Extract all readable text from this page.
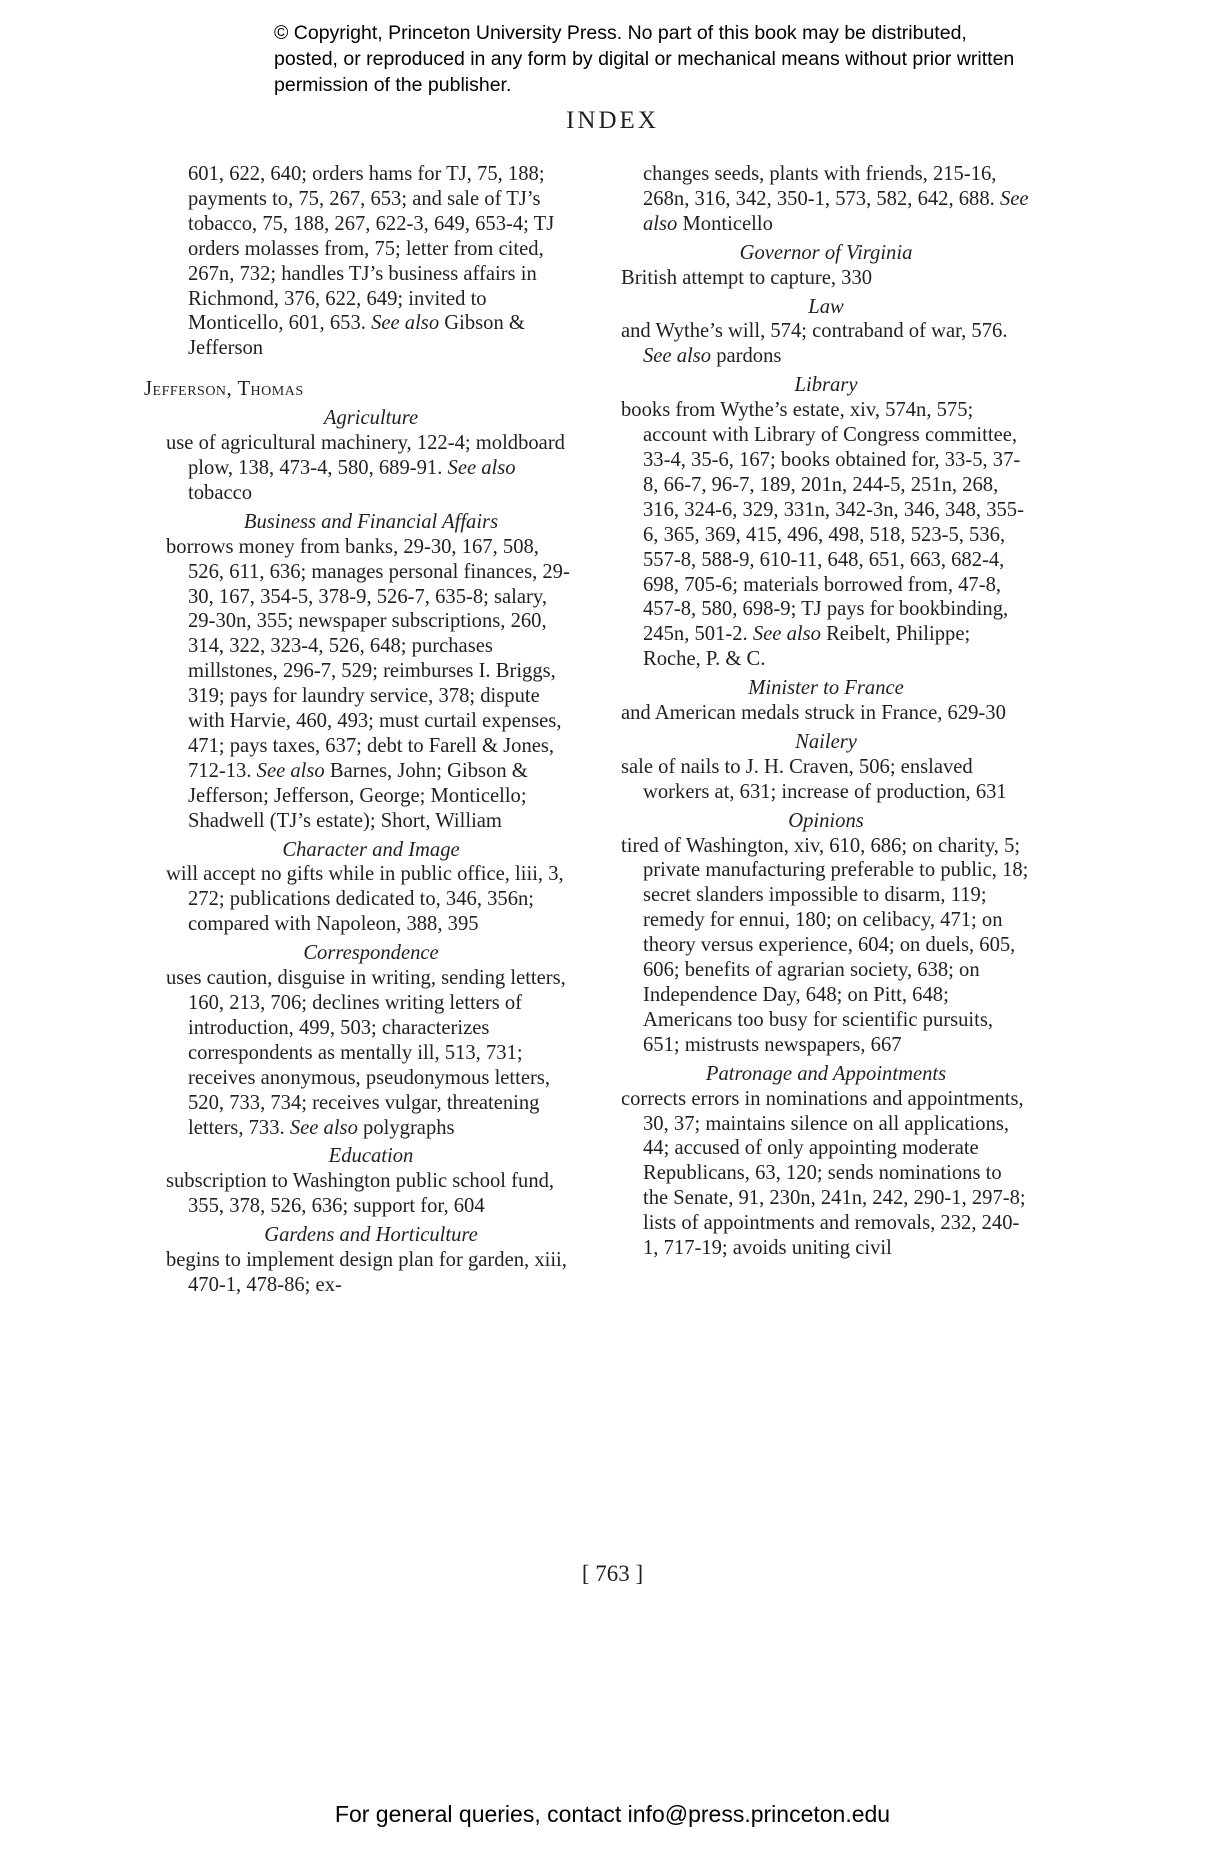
© Copyright, Princeton University Press. No part of this book may be distributed, posted, or reproduced in any form by digital or mechanical means without prior written permission of the publisher.
INDEX

601, 622, 640; orders hams for TJ, 75, 188; payments to, 75, 267, 653; and sale of TJ’s tobacco, 75, 188, 267, 622-3, 649, 653-4; TJ orders molasses from, 75; letter from cited, 267n, 732; handles TJ’s business affairs in Richmond, 376, 622, 649; invited to Monticello, 601, 653. See also Gibson & Jefferson

Jefferson, Thomas

Agriculture

use of agricultural machinery, 122-4; moldboard plow, 138, 473-4, 580, 689-91. See also tobacco

Business and Financial Affairs

borrows money from banks, 29-30, 167, 508, 526, 611, 636; manages personal finances, 29-30, 167, 354-5, 378-9, 526-7, 635-8; salary, 29-30n, 355; newspaper subscriptions, 260, 314, 322, 323-4, 526, 648; purchases millstones, 296-7, 529; reimburses I. Briggs, 319; pays for laundry service, 378; dispute with Harvie, 460, 493; must curtail expenses, 471; pays taxes, 637; debt to Farell & Jones, 712-13. See also Barnes, John; Gibson & Jefferson; Jefferson, George; Monticello; Shadwell (TJ’s estate); Short, William

Character and Image

will accept no gifts while in public office, liii, 3, 272; publications dedicated to, 346, 356n; compared with Napoleon, 388, 395

Correspondence

uses caution, disguise in writing, sending letters, 160, 213, 706; declines writing letters of introduction, 499, 503; characterizes correspondents as mentally ill, 513, 731; receives anonymous, pseudonymous letters, 520, 733, 734; receives vulgar, threatening letters, 733. See also polygraphs

Education

subscription to Washington public school fund, 355, 378, 526, 636; support for, 604

Gardens and Horticulture

begins to implement design plan for garden, xiii, 470-1, 478-86; ex-

changes seeds, plants with friends, 215-16, 268n, 316, 342, 350-1, 573, 582, 642, 688. See also Monticello

Governor of Virginia

British attempt to capture, 330

Law

and Wythe’s will, 574; contraband of war, 576. See also pardons

Library

books from Wythe’s estate, xiv, 574n, 575; account with Library of Congress committee, 33-4, 35-6, 167; books obtained for, 33-5, 37-8, 66-7, 96-7, 189, 201n, 244-5, 251n, 268, 316, 324-6, 329, 331n, 342-3n, 346, 348, 355-6, 365, 369, 415, 496, 498, 518, 523-5, 536, 557-8, 588-9, 610-11, 648, 651, 663, 682-4, 698, 705-6; materials borrowed from, 47-8, 457-8, 580, 698-9; TJ pays for bookbinding, 245n, 501-2. See also Reibelt, Philippe; Roche, P. & C.

Minister to France

and American medals struck in France, 629-30

Nailery

sale of nails to J. H. Craven, 506; enslaved workers at, 631; increase of production, 631

Opinions

tired of Washington, xiv, 610, 686; on charity, 5; private manufacturing preferable to public, 18; secret slanders impossible to disarm, 119; remedy for ennui, 180; on celibacy, 471; on theory versus experience, 604; on duels, 605, 606; benefits of agrarian society, 638; on Independence Day, 648; on Pitt, 648; Americans too busy for scientific pursuits, 651; mistrusts newspapers, 667

Patronage and Appointments

corrects errors in nominations and appointments, 30, 37; maintains silence on all applications, 44; accused of only appointing moderate Republicans, 63, 120; sends nominations to the Senate, 91, 230n, 241n, 242, 290-1, 297-8; lists of appointments and removals, 232, 240-1, 717-19; avoids uniting civil

[ 763 ]
For general queries, contact info@press.princeton.edu
